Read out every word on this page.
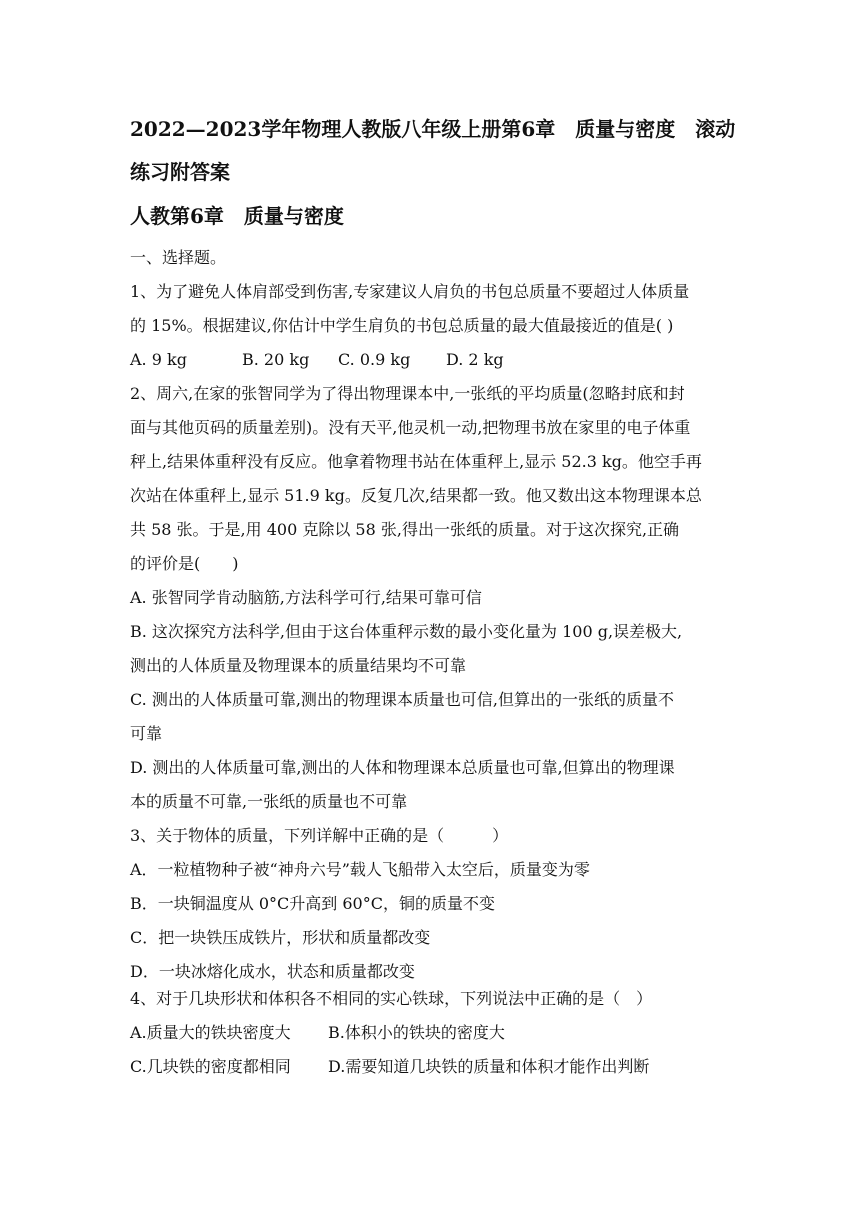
2022—2023学年物理人教版八年级上册第6章　质量与密度　滚动
练习附答案
人教第6章　质量与密度
一、选择题。
1、为了避免人体肩部受到伤害,专家建议人肩负的书包总质量不要超过人体质量
的 15%。根据建议,你估计中学生肩负的书包总质量的最大值最接近的值是( )
A. 9 kg	B. 20 kg C. 0.9 kg D. 2 kg
2、周六,在家的张智同学为了得出物理课本中,一张纸的平均质量(忽略封底和封
面与其他页码的质量差别)。没有天平,他灵机一动,把物理书放在家里的电子体重
秤上,结果体重秤没有反应。他拿着物理书站在体重秤上,显示 52.3 kg。他空手再
次站在体重秤上,显示 51.9 kg。反复几次,结果都一致。他又数出这本物理课本总
共 58 张。于是,用 400 克除以 58 张,得出一张纸的质量。对于这次探究,正确
的评价是(　　)
A. 张智同学肯动脑筋,方法科学可行,结果可靠可信
B. 这次探究方法科学,但由于这台体重秤示数的最小变化量为 100 g,误差极大,
测出的人体质量及物理课本的质量结果均不可靠
C. 测出的人体质量可靠,测出的物理课本质量也可信,但算出的一张纸的质量不
可靠
D. 测出的人体质量可靠,测出的人体和物理课本总质量也可靠,但算出的物理课
本的质量不可靠,一张纸的质量也不可靠
3、关于物体的质量，下列详解中正确的是（　　　）
A．一粒植物种子被“神舟六号”载人飞船带入太空后，质量变为零
B．一块铜温度从 0°C升高到 60°C，铜的质量不变
C．把一块铁压成铁片，形状和质量都改变
D．一块冰熔化成水，状态和质量都改变
4、对于几块形状和体积各不相同的实心铁球，下列说法中正确的是（　）
A.质量大的铁块密度大 B.体积小的铁块的密度大
C.几块铁的密度都相同 D.需要知道几块铁的质量和体积才能作出判断
